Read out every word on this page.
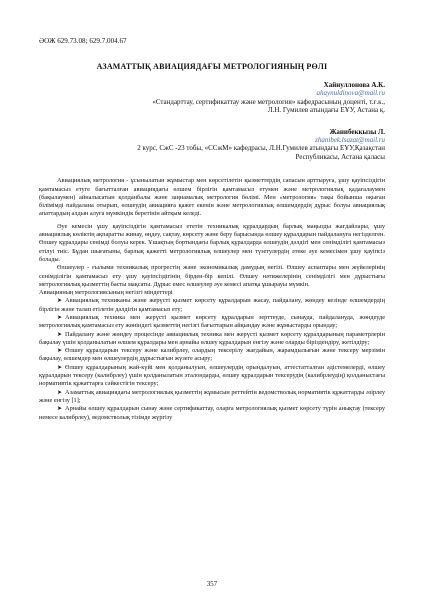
ӘОЖ 629.73.08; 629.7.004.67
АЗАМАТТЫҚ АВИАЦИЯДАҒЫ МЕТРОЛОГИЯНЫҢ РӨЛІ
Хайнуллонова А.К.
ahaynuldinova@mail.ru
«Стандарттау, сертификаттау және метрология» кафедрасының доценті, т.ғ.к.,
Л.Н. Гумилев атындағы ЕҰУ, Астана қ.
Жанибеккызы Л.
zhanibek.lsazat@mail.ru
2 курс, СжС -23 тобы, «ССжМ» кафедрасы, Л.Н.Гумилев атындағы ЕҰУ,Қазақстан
Республикасы, Астана қаласы

Авиациялық метрология - ұсынылатын жұмыстар мен көрсетілетін қызметтердің сапасын арттыруға, ұшу қауіпсіздігін қамтамасыз етуге бағытталған авиациядағы өлшем бірлігін қамтамасыз етумен және метрологиялық қадағалаумен (бақылаумен) айналысатын қолданбалы және заңнамалық метрология бөлімі. Мен «метрология» тақы бойынша оқыған білімімді пайдалана отырып, өлшеудің авиацияға қажет екенін және метрологиялық өлшемдердің дұрыс болуы авиациялық апаттардың алдын алуға мүмкіндік беретінін айтқым келеді.

Әуе кемесін ұшу қауіпсіздігін қамтамасыз ететін техникалық құралдардың барлық маңызды жағдайлары, ұшу авиациялық көліктің ақпаратты жинау, өңдеу, сақтау, көрсету және беру барысында өлшеу құралдарын пайдалануға негізделген. Өлшеу құралдары сенімді болуы керек. Ұшақтың бортындағы барлық құралдарда өлшеудің дәлдігі мен сенімділігі қамтамасыз етілуі тиіс. Бұдан шығатыны, барлық қажетті метрологиялық өлшеулер мен түзетулердің әтеке әуе кемесімен ұшу қауіпсіз болады.

Өлшеулер - ғылыми техникалық прогрестің және экономикалық дамудың негізі. Өлшеу аспаптары мен жүйелерінің сенімділігін қамтамасыз ету ұшу қауіпсіздігінің бірден-бір кепілі. Өлшеу нәтижелерінің сенімділігі мен дұрыстығы метрологиялық қызметтің басты мақсаты. Дұрыс емес өлшеулер әуе кемесі апатқа ұшырауы мүмкін.

Авиацияның метрологиясының негізгі міндеттері

➤ Авиациялық техниканы және жерүсті қызмет көрсету құралдарын жасау, пайдалану, жөндеу кезінде өлшемдердің бірлігін және талап етілетін дәлдігін қамтамасыз ету;

➤ Авиациялық техника мен жерүсті қызмет көрсету құралдарын зерттеуде, сынауда, пайдалануда, жөндеуде метрологиялық қамтамасыз ету жөніндегі қызметтің негізгі бағыттарын айқындау және жұмыстарды орындау;

➤ Пайдалану және жөндеу процесінде авиациялық техника мен жерүсті қызмет көрсету құралдарының параметрлерін бақылау үшін қолданылатын өлшем құралдары мен арнайы өлшеу құралдарын енгізу және оларды біріздендіру, жетілдіру;

➤ Өлшеу құралдарын тексеру және калибрлеу, олардың тексерілу жағдайын, жарамдылығын және тексеру мерзімін бақылау, өлшемдер мен өлшеулердің дұрыстығын жүзеге асыру;

➤ Өлшеу құралдарының жай-күйі мен қолданылуын, өлшеулердің орындалуын, аттестатталған әдістемелерді, өлшеу құралдарын тексеру (калибрлеу) үшін қолданылатын эталондарды, өлшеу құралдарын тексерудің (калибрлеудің) қолданыстағы нормативтік құжаттарға сәйкестігін тексеру;

➤ Азаматтық авиациядағы метрологиялық қызметтің жұмысын реттейтін ведомстволық нормативтік құжаттарды әзірлеу және енгізу [1];

➤ Арнайы өлшеу құралдарын сынау және сертификаттау, оларға метрологиялық қызмет көрсету түрін анықтау (тексеру немесе калибрлеу), ведомстволық тізімде жүргізу

357
